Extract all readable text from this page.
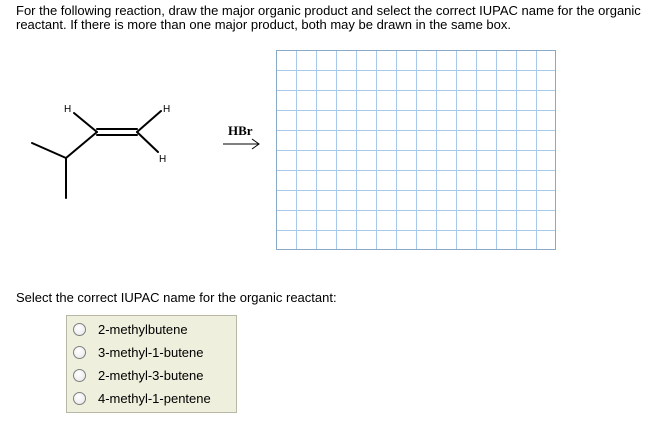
For the following reaction, draw the major organic product and select the correct IUPAC name for the organic reactant. If there is more than one major product, both may be drawn in the same box.

H	H
H
HBr
Select the correct IUPAC name for the organic reactant:
2-methylbutene
3-methyl-1-butene
2-methyl-3-butene
4-methyl-1-pentene
